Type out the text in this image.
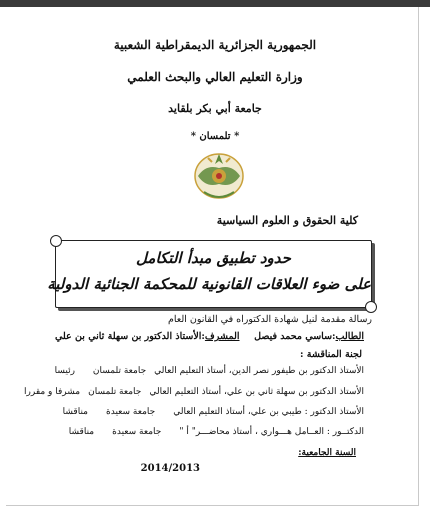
الجمهورية الجزائرية الديمقراطية الشعبية
وزارة التعليم العالي والبحث العلمي
جامعة أبي بكر بلقايد
* تلمسان *
كلية الحقوق و العلوم السياسية
حدود تطبيق مبدأ التكامل
على ضوء العلاقات القانونية للمحكمة الجنائية الدولية
رسالة مقدمة لنيل شهادة الدكتوراه في القانون العام
الطالب:ساسي محمد فيصل  المشرف:الأستاذ الدكتور بن سهلة ثاني بن علي
لجنة المناقشة :
الأستاذ الدكتور بن طيفور نصر الدين، أستاذ التعليم العاليجامعة تلمسانرئيسا
الأستاذ الدكتور بن سهلة ثاني بن علي، أستاذ التعليم العاليجامعة تلمسانمشرفا و مقررا
الأستاذ الدكتور : طيبي بن علي، أستاذ التعليم العاليجامعة سعيدةمناقشا
الدكتــور : العــامل هـــواري ، أستاذ محاضـــر" أ "جامعة سعيدةمناقشا
السنة الجامعية:
2014/2013
